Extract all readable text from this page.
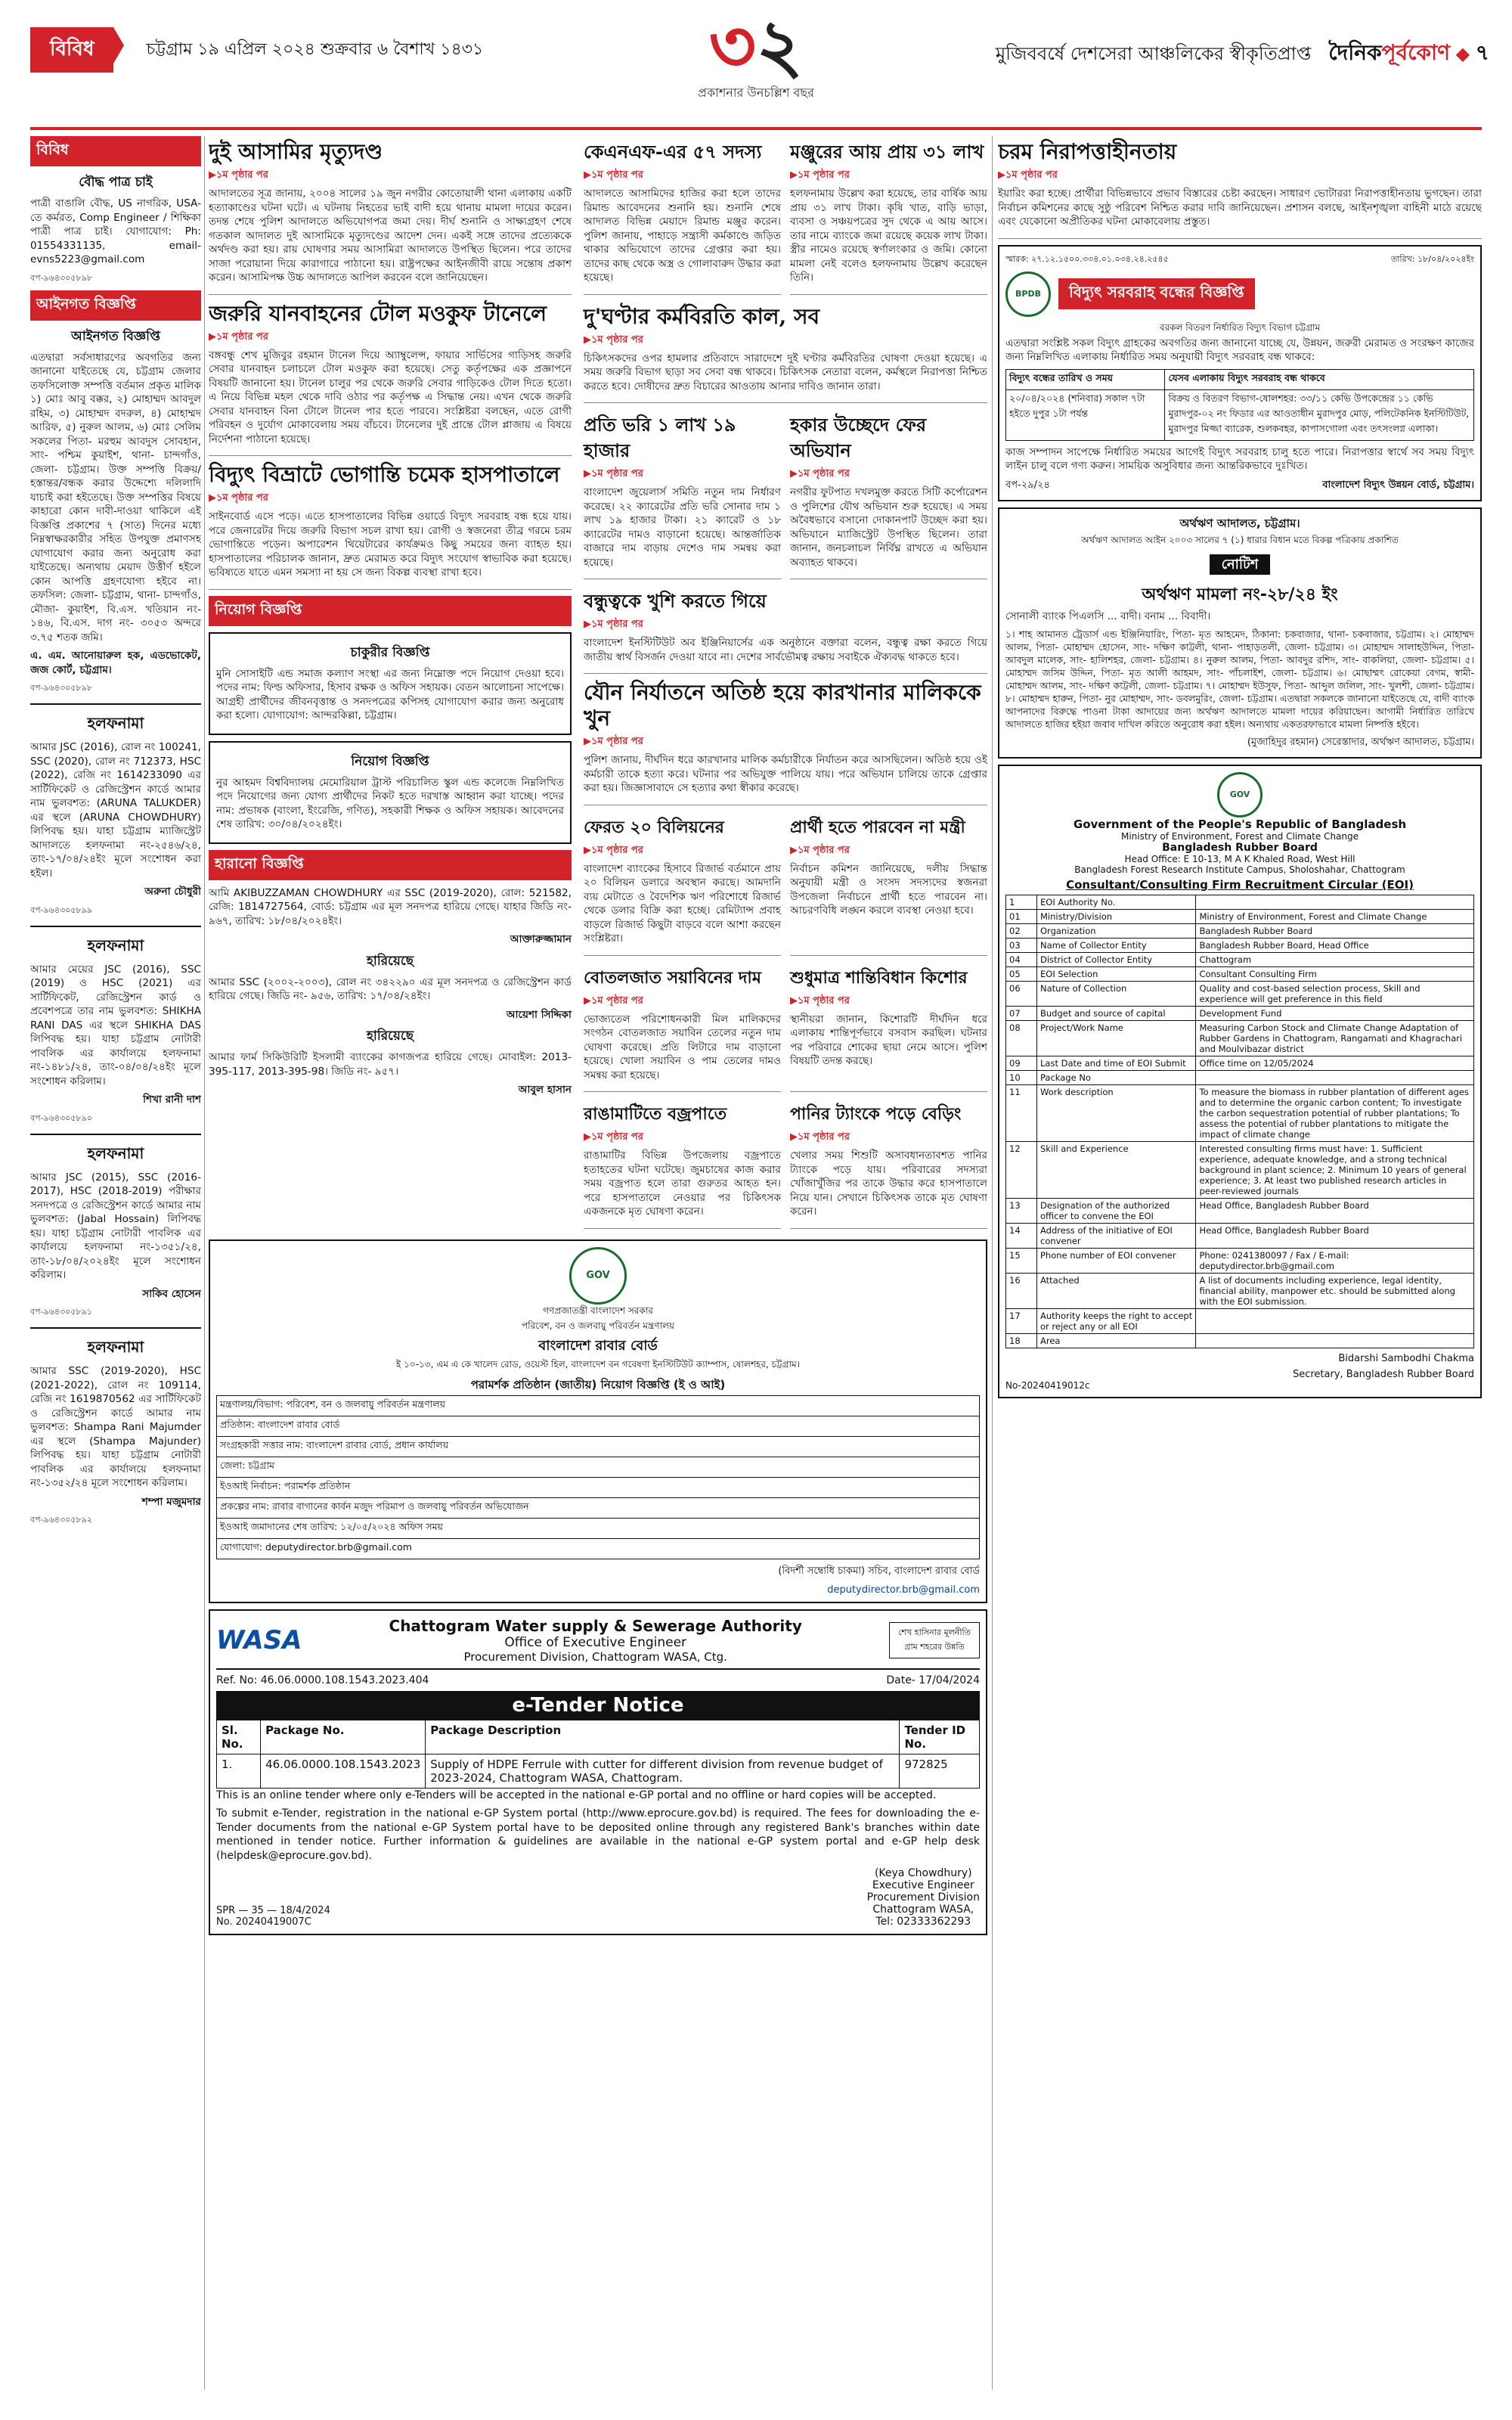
বিবিধ	চট্টগ্রাম ১৯ এপ্রিল ২০২৪ শুক্রবার ৬ বৈশাখ ১৪৩১	৩২
প্রকাশনার উনচল্লিশ বছর
মুজিববর্ষে দেশসেরা আঞ্চলিকের স্বীকৃতিপ্রাপ্ত দৈনিকপূর্বকোণ ◆ ৭
বিবিধ
বৌদ্ধ পাত্র চাই

পাত্রী বাঙালি বৌদ্ধ, US নাগরিক, USA-তে কর্মরত, Comp Engineer / শিক্ষিকা পাত্রী পাত্র চাই। যোগাযোগ: Ph: 01554331135, email-evns5223@gmail.com

বপ-৯৬৪৩০৫৮৯৮
আইনগত বিজ্ঞপ্তি
আইনগত বিজ্ঞপ্তি

এতদ্বারা সর্বসাধারণের অবগতির জন্য জানানো যাইতেছে যে, চট্টগ্রাম জেলার তফসিলোক্ত সম্পত্তি বর্তমান প্রকৃত মালিক ১) মোঃ আবু বক্কর, ২) মোহাম্মদ আবদুল রহিম, ৩) মোহাম্মদ বদরুল, ৪) মোহাম্মদ আরিফ, ৫) নুরুল আলম, ৬) মোঃ সেলিম সকলের পিতা- মরহুম আবদুস সোবহান, সাং- পশ্চিম কুয়াইশ, থানা- চান্দগাঁও, জেলা- চট্টগ্রাম। উক্ত সম্পত্তি বিক্রয়/হস্তান্তর/বন্ধক করার উদ্দেশ্যে দলিলাদি যাচাই করা হইতেছে। উক্ত সম্পত্তির বিষয়ে কাহারো কোন দাবী-দাওয়া থাকিলে এই বিজ্ঞপ্তি প্রকাশের ৭ (সাত) দিনের মধ্যে নিম্নস্বাক্ষরকারীর সহিত উপযুক্ত প্রমাণসহ যোগাযোগ করার জন্য অনুরোধ করা যাইতেছে। অন্যথায় মেয়াদ উত্তীর্ণ হইলে কোন আপত্তি গ্রহণযোগ্য হইবে না। তফসিল: জেলা- চট্টগ্রাম, থানা- চান্দগাঁও, মৌজা- কুয়াইশ, বি.এস. খতিয়ান নং- ১৪৬, বি.এস. দাগ নং- ৩০৫৩ অন্দরে ৩.৭৫ শতক জমি।

এ. এম. আনোয়ারুল হক, এডভোকেট, জজ কোর্ট, চট্টগ্রাম।

বপ-৯৬৪৩০৫৮৯৮
হলফনামা

আমার JSC (2016), রোল নং 100241, SSC (2020), রোল নং 712373, HSC (2022), রেজি নং 1614233090 এর সার্টিফিকেট ও রেজিস্ট্রেশন কার্ডে আমার নাম ভুলবশত: (ARUNA TALUKDER) এর স্থলে (ARUNA CHOWDHURY) লিপিবদ্ধ হয়। যাহা চট্টগ্রাম ম্যাজিস্ট্রেট আদালতে হলফনামা নং-২৫৪৬/২৪, তাং-১৭/০৪/২৪ইং মূলে সংশোধন করা হইল।

অরুনা চৌধুরী

বপ-৯৬৪৩০৫৮৯৯
হলফনামা

আমার মেয়ের JSC (2016), SSC (2019) ও HSC (2021) এর সার্টিফিকেট, রেজিস্ট্রেশন কার্ড ও প্রবেশপত্রে তার নাম ভুলবশত: SHIKHA RANI DAS এর স্থলে SHIKHA DAS লিপিবদ্ধ হয়। যাহা চট্টগ্রাম নোটারী পাবলিক এর কার্যালয়ে হলফনামা নং-১৪৮১/২৪, তাং-০৪/০৪/২৪ইং মূলে সংশোধন করিলাম।

শিখা রানী দাশ

বপ-৯৬৪৩০৫৮৯০
হলফনামা

আমার JSC (2015), SSC (2016-2017), HSC (2018-2019) পরীক্ষার সনদপত্রে ও রেজিস্ট্রেশন কার্ডে আমার নাম ভুলবশত: (Jabal Hossain) লিপিবদ্ধ হয়। যাহা চট্টগ্রাম নোটারী পাবলিক এর কার্যালয়ে হলফনামা নং-১৩৫১/২৪, তাং-১৮/০৪/২০২৪ইং মূলে সংশোধন করিলাম।

সাকিব হোসেন

বপ-৯৬৪৩০৫৮৯১
হলফনামা

আমার SSC (2019-2020), HSC (2021-2022), রোল নং 109114, রেজি নং 1619870562 এর সার্টিফিকেট ও রেজিস্ট্রেশন কার্ডে আমার নাম ভুলবশত: Shampa Rani Majumder এর স্থলে (Shampa Majunder) লিপিবদ্ধ হয়। যাহা চট্টগ্রাম নোটারী পাবলিক এর কার্যালয়ে হলফনামা নং-১৩৫২/২৪ মূলে সংশোধন করিলাম।

শম্পা মজুমদার

বপ-৯৬৪৩০৫৮৯২
দুই আসামির মৃত্যুদণ্ড
▶ ১ম পৃষ্ঠার পর

আদালতের সূত্র জানায়, ২০০৪ সালের ১৯ জুন নগরীর কোতোয়ালী থানা এলাকায় একটি হত্যাকাণ্ডের ঘটনা ঘটে। এ ঘটনায় নিহতের ভাই বাদী হয়ে থানায় মামলা দায়ের করেন। তদন্ত শেষে পুলিশ আদালতে অভিযোগপত্র জমা দেয়। দীর্ঘ শুনানি ও সাক্ষ্যগ্রহণ শেষে গতকাল আদালত দুই আসামিকে মৃত্যুদণ্ডের আদেশ দেন। একই সঙ্গে তাদের প্রত্যেককে অর্থদণ্ড করা হয়। রায় ঘোষণার সময় আসামিরা আদালতে উপস্থিত ছিলেন। পরে তাদের সাজা পরোয়ানা দিয়ে কারাগারে পাঠানো হয়। রাষ্ট্রপক্ষের আইনজীবী রায়ে সন্তোষ প্রকাশ করেন। আসামিপক্ষ উচ্চ আদালতে আপিল করবেন বলে জানিয়েছেন।

জরুরি যানবাহনের টোল মওকুফ টানেলে
▶ ১ম পৃষ্ঠার পর

বঙ্গবন্ধু শেখ মুজিবুর রহমান টানেল দিয়ে অ্যাম্বুলেন্স, ফায়ার সার্ভিসের গাড়িসহ জরুরি সেবার যানবাহন চলাচলে টোল মওকুফ করা হয়েছে। সেতু কর্তৃপক্ষের এক প্রজ্ঞাপনে বিষয়টি জানানো হয়। টানেল চালুর পর থেকে জরুরি সেবার গাড়িকেও টোল দিতে হতো। এ নিয়ে বিভিন্ন মহল থেকে দাবি ওঠার পর কর্তৃপক্ষ এ সিদ্ধান্ত নেয়। এখন থেকে জরুরি সেবার যানবাহন বিনা টোলে টানেল পার হতে পারবে। সংশ্লিষ্টরা বলছেন, এতে রোগী পরিবহন ও দুর্যোগ মোকাবেলায় সময় বাঁচবে। টানেলের দুই প্রান্তে টোল প্লাজায় এ বিষয়ে নির্দেশনা পাঠানো হয়েছে।

বিদ্যুৎ বিভ্রাটে ভোগান্তি চমেক হাসপাতালে
▶ ১ম পৃষ্ঠার পর

সাইনবোর্ড এসে পড়ে। এতে হাসপাতালের বিভিন্ন ওয়ার্ডে বিদ্যুৎ সরবরাহ বন্ধ হয়ে যায়। পরে জেনারেটর দিয়ে জরুরি বিভাগ সচল রাখা হয়। রোগী ও স্বজনেরা তীব্র গরমে চরম ভোগান্তিতে পড়েন। অপারেশন থিয়েটারের কার্যক্রমও কিছু সময়ের জন্য ব্যাহত হয়। হাসপাতালের পরিচালক জানান, দ্রুত মেরামত করে বিদ্যুৎ সংযোগ স্বাভাবিক করা হয়েছে। ভবিষ্যতে যাতে এমন সমস্যা না হয় সে জন্য বিকল্প ব্যবস্থা রাখা হবে।

নিয়োগ বিজ্ঞপ্তি
চাকুরীর বিজ্ঞপ্তি

মুনি সোসাইটি এন্ড সমাজ কল্যাণ সংস্থা এর জন্য নিম্নোক্ত পদে নিয়োগ দেওয়া হবে। পদের নাম: ফিল্ড অফিসার, হিসাব রক্ষক ও অফিস সহায়ক। বেতন আলোচনা সাপেক্ষে। আগ্রহী প্রার্থীদের জীবনবৃত্তান্ত ও সনদপত্রের কপিসহ যোগাযোগ করার জন্য অনুরোধ করা হলো। যোগাযোগ: আন্দরকিল্লা, চট্টগ্রাম।

নিয়োগ বিজ্ঞপ্তি

নুর আহমদ বিশ্ববিদ্যালয় মেমোরিয়াল ট্রাস্ট পরিচালিত স্কুল এন্ড কলেজে নিম্নলিখিত পদে নিয়োগের জন্য যোগ্য প্রার্থীদের নিকট হতে দরখাস্ত আহ্বান করা যাচ্ছে। পদের নাম: প্রভাষক (বাংলা, ইংরেজি, গণিত), সহকারী শিক্ষক ও অফিস সহায়ক। আবেদনের শেষ তারিখ: ৩০/০৪/২০২৪ইং।

হারানো বিজ্ঞপ্তি

আমি AKIBUZZAMAN CHOWDHURY এর SSC (2019-2020), রোল: 521582, রেজি: 1814727564, বোর্ড: চট্টগ্রাম এর মূল সনদপত্র হারিয়ে গেছে। যাহার জিডি নং- ৯৬৭, তারিখ: ১৮/০৪/২০২৪ইং।

আক্তারুজ্জামান

হারিয়েছে

আমার SSC (২০০২-২০০৩), রোল নং ৩৪২২৯০ এর মূল সনদপত্র ও রেজিস্ট্রেশন কার্ড হারিয়ে গেছে। জিডি নং- ৯৫৬, তারিখ: ১৭/০৪/২৪ইং।

আয়েশা সিদ্দিকা

হারিয়েছে

আমার ফার্ম সিকিউরিটি ইসলামী ব্যাংকের কাগজপত্র হারিয়ে গেছে। মোবাইল: 2013-395-117, 2013-395-98। জিডি নং- ৯৫৭।

আবুল হাসান

কেএনএফ-এর ৫৭ সদস্য
▶ ১ম পৃষ্ঠার পর

আদালতে আসামিদের হাজির করা হলে তাদের রিমান্ড আবেদনের শুনানি হয়। শুনানি শেষে আদালত বিভিন্ন মেয়াদে রিমান্ড মঞ্জুর করেন। পুলিশ জানায়, পাহাড়ে সন্ত্রাসী কর্মকাণ্ডে জড়িত থাকার অভিযোগে তাদের গ্রেপ্তার করা হয়। তাদের কাছ থেকে অস্ত্র ও গোলাবারুদ উদ্ধার করা হয়েছে।

মঞ্জুরের আয় প্রায় ৩১ লাখ
▶ ১ম পৃষ্ঠার পর

হলফনামায় উল্লেখ করা হয়েছে, তার বার্ষিক আয় প্রায় ৩১ লাখ টাকা। কৃষি খাত, বাড়ি ভাড়া, ব্যবসা ও সঞ্চয়পত্রের সুদ থেকে এ আয় আসে। তার নামে ব্যাংকে জমা রয়েছে কয়েক লাখ টাকা। স্ত্রীর নামেও রয়েছে স্বর্ণালংকার ও জমি। কোনো মামলা নেই বলেও হলফনামায় উল্লেখ করেছেন তিনি।

দু'ঘণ্টার কর্মবিরতি কাল, সব
▶ ১ম পৃষ্ঠার পর

চিকিৎসকদের ওপর হামলার প্রতিবাদে সারাদেশে দুই ঘণ্টার কর্মবিরতির ঘোষণা দেওয়া হয়েছে। এ সময় জরুরি বিভাগ ছাড়া সব সেবা বন্ধ থাকবে। চিকিৎসক নেতারা বলেন, কর্মস্থলে নিরাপত্তা নিশ্চিত করতে হবে। দোষীদের দ্রুত বিচারের আওতায় আনার দাবিও জানান তারা।

প্রতি ভরি ১ লাখ ১৯ হাজার
▶ ১ম পৃষ্ঠার পর

বাংলাদেশ জুয়েলার্স সমিতি নতুন দাম নির্ধারণ করেছে। ২২ ক্যারেটের প্রতি ভরি সোনার দাম ১ লাখ ১৯ হাজার টাকা। ২১ ক্যারেট ও ১৮ ক্যারেটের দামও বাড়ানো হয়েছে। আন্তর্জাতিক বাজারে দাম বাড়ায় দেশেও দাম সমন্বয় করা হয়েছে।

হকার উচ্ছেদে ফের অভিযান
▶ ১ম পৃষ্ঠার পর

নগরীর ফুটপাত দখলমুক্ত করতে সিটি কর্পোরেশন ও পুলিশের যৌথ অভিযান শুরু হয়েছে। এ সময় অবৈধভাবে বসানো দোকানপাট উচ্ছেদ করা হয়। অভিযানে ম্যাজিস্ট্রেট উপস্থিত ছিলেন। তারা জানান, জনচলাচল নির্বিঘ্ন রাখতে এ অভিযান অব্যাহত থাকবে।

বন্ধুত্বকে খুশি করতে গিয়ে
▶ ১ম পৃষ্ঠার পর

বাংলাদেশ ইনস্টিটিউট অব ইঞ্জিনিয়ার্সের এক অনুষ্ঠানে বক্তারা বলেন, বন্ধুত্ব রক্ষা করতে গিয়ে জাতীয় স্বার্থ বিসর্জন দেওয়া যাবে না। দেশের সার্বভৌমত্ব রক্ষায় সবাইকে ঐক্যবদ্ধ থাকতে হবে।

যৌন নির্যাতনে অতিষ্ঠ হয়ে কারখানার মালিককে খুন
▶ ১ম পৃষ্ঠার পর

পুলিশ জানায়, দীর্ঘদিন ধরে কারখানার মালিক কর্মচারীকে নির্যাতন করে আসছিলেন। অতিষ্ঠ হয়ে ওই কর্মচারী তাকে হত্যা করে। ঘটনার পর অভিযুক্ত পালিয়ে যায়। পরে অভিযান চালিয়ে তাকে গ্রেপ্তার করা হয়। জিজ্ঞাসাবাদে সে হত্যার কথা স্বীকার করেছে।

ফেরত ২০ বিলিয়নের
▶ ১ম পৃষ্ঠার পর

বাংলাদেশ ব্যাংকের হিসাবে রিজার্ভ বর্তমানে প্রায় ২০ বিলিয়ন ডলারে অবস্থান করছে। আমদানি ব্যয় মেটাতে ও বৈদেশিক ঋণ পরিশোধে রিজার্ভ থেকে ডলার বিক্রি করা হচ্ছে। রেমিট্যান্স প্রবাহ বাড়লে রিজার্ভ কিছুটা বাড়বে বলে আশা করছেন সংশ্লিষ্টরা।

প্রার্থী হতে পারবেন না মন্ত্রী
▶ ১ম পৃষ্ঠার পর

নির্বাচন কমিশন জানিয়েছে, দলীয় সিদ্ধান্ত অনুযায়ী মন্ত্রী ও সংসদ সদস্যদের স্বজনরা উপজেলা নির্বাচনে প্রার্থী হতে পারবেন না। আচরণবিধি লঙ্ঘন করলে ব্যবস্থা নেওয়া হবে।

বোতলজাত সয়াবিনের দাম
▶ ১ম পৃষ্ঠার পর

ভোজ্যতেল পরিশোধনকারী মিল মালিকদের সংগঠন বোতলজাত সয়াবিন তেলের নতুন দাম ঘোষণা করেছে। প্রতি লিটারে দাম বাড়ানো হয়েছে। খোলা সয়াবিন ও পাম তেলের দামও সমন্বয় করা হয়েছে।

শুধুমাত্র শান্তিবিধান কিশোর
▶ ১ম পৃষ্ঠার পর

স্থানীয়রা জানান, কিশোরটি দীর্ঘদিন ধরে এলাকায় শান্তিপূর্ণভাবে বসবাস করছিল। ঘটনার পর পরিবারে শোকের ছায়া নেমে আসে। পুলিশ বিষয়টি তদন্ত করছে।

রাঙামাটিতে বজ্রপাতে
▶ ১ম পৃষ্ঠার পর

রাঙামাটির বিভিন্ন উপজেলায় বজ্রপাতে হতাহতের ঘটনা ঘটেছে। জুমচাষের কাজ করার সময় বজ্রপাত হলে তারা গুরুতর আহত হন। পরে হাসপাতালে নেওয়ার পর চিকিৎসক একজনকে মৃত ঘোষণা করেন।

পানির ট্যাংকে পড়ে বেড়িং
▶ ১ম পৃষ্ঠার পর

খেলার সময় শিশুটি অসাবধানতাবশত পানির ট্যাংকে পড়ে যায়। পরিবারের সদস্যরা খোঁজাখুঁজির পর তাকে উদ্ধার করে হাসপাতালে নিয়ে যান। সেখানে চিকিৎসক তাকে মৃত ঘোষণা করেন।

GOV
গণপ্রজাতন্ত্রী বাংলাদেশ সরকার
পরিবেশ, বন ও জলবায়ু পরিবর্তন মন্ত্রণালয়
বাংলাদেশ রাবার বোর্ড
ই ১০-১৩, এম এ কে খালেদ রোড, ওয়েস্ট হিল, বাংলাদেশ বন গবেষণা ইনস্টিটিউট ক্যাম্পাস, ষোলশহর, চট্টগ্রাম।
পরামর্শক প্রতিষ্ঠান (জাতীয়) নিয়োগ বিজ্ঞপ্তি (ই ও আই)
মন্ত্রণালয়/বিভাগ: পরিবেশ, বন ও জলবায়ু পরিবর্তন মন্ত্রণালয়
প্রতিষ্ঠান: বাংলাদেশ রাবার বোর্ড
সংগ্রহকারী সত্তার নাম: বাংলাদেশ রাবার বোর্ড, প্রধান কার্যালয়
জেলা: চট্টগ্রাম
ইওআই নির্বাচন: পরামর্শক প্রতিষ্ঠান
প্রকল্পের নাম: রাবার বাগানের কার্বন মজুদ পরিমাপ ও জলবায়ু পরিবর্তন অভিযোজন
ইওআই জমাদানের শেষ তারিখ: ১২/০৫/২০২৪ অফিস সময়
যোগাযোগ: deputydirector.brb@gmail.com
(বিদর্শী সম্বোধি চাকমা) সচিব, বাংলাদেশ রাবার বোর্ড
deputydirector.brb@gmail.com
WASA	Chattogram Water supply & Sewerage Authority
Office of Executive Engineer
Procurement Division, Chattogram WASA, Ctg.
শেখ হাসিনার মূলনীতি গ্রাম শহরের উন্নতি
Ref. No: 46.06.0000.108.1543.2023.404	Date- 17/04/2024
e-Tender Notice
Sl. No.	Package No.	Package Description	Tender ID No.
1.	46.06.0000.108.1543.2023	Supply of HDPE Ferrule with cutter for different division from revenue budget of 2023-2024, Chattogram WASA, Chattogram.	972825

This is an online tender where only e-Tenders will be accepted in the national e-GP portal and no offline or hard copies will be accepted.

To submit e-Tender, registration in the national e-GP System portal (http://www.eprocure.gov.bd) is required. The fees for downloading the e-Tender documents from the national e-GP System portal have to be deposited online through any registered Bank's branches within date mentioned in tender notice. Further information & guidelines are available in the national e-GP system portal and e-GP help desk (helpdesk@eprocure.gov.bd).

SPR — 35 — 18/4/2024
No. 20240419007C
(Keya Chowdhury)
Executive Engineer
Procurement Division
Chattogram WASA,
Tel: 02333362293
চরম নিরাপত্তাহীনতায়
▶ ১ম পৃষ্ঠার পর

ইয়ারিং করা হচ্ছে। প্রার্থীরা বিভিন্নভাবে প্রভাব বিস্তারের চেষ্টা করছেন। সাধারণ ভোটাররা নিরাপত্তাহীনতায় ভুগছেন। তারা নির্বাচন কমিশনের কাছে সুষ্ঠু পরিবেশ নিশ্চিত করার দাবি জানিয়েছেন। প্রশাসন বলছে, আইনশৃঙ্খলা বাহিনী মাঠে রয়েছে এবং যেকোনো অপ্রীতিকর ঘটনা মোকাবেলায় প্রস্তুত।

স্মারক: ২৭.১২.১৫০০.৩৩৪.০১.০৩৪.২৪.২৫৪৫	তারিখ: ১৮/০৪/২০২৪ইং
BPDB	বিদ্যুৎ সরবরাহ বন্ধের বিজ্ঞপ্তি
বরকল বিতরণ নির্ধারিত বিদ্যুৎ বিভাগ চট্টগ্রাম

এতদ্বারা সংশ্লিষ্ট সকল বিদ্যুৎ গ্রাহকের অবগতির জন্য জানানো যাচ্ছে যে, উন্নয়ন, জরুরী মেরামত ও সংরক্ষণ কাজের জন্য নিম্নলিখিত এলাকায় নির্ধারিত সময় অনুযায়ী বিদ্যুৎ সরবরাহ বন্ধ থাকবে:

বিদ্যুৎ বন্ধের তারিখ ও সময়	যেসব এলাকায় বিদ্যুৎ সরবরাহ বন্ধ থাকবে
২০/০৪/২০২৪ (শনিবার) সকাল ৭টা হইতে দুপুর ১টা পর্যন্ত	বিক্রয় ও বিতরণ বিভাগ-ষোলশহর: ৩৩/১১ কেভি উপকেন্দ্রের ১১ কেভি মুরাদপুর-০২ নং ফিডার এর আওতাধীন মুরাদপুর মোড়, পলিটেকনিক ইনস্টিটিউট, মুরাদপুর মিজ্জা ব্যারেক, শুলকবহর, কাপাসগোলা এবং তৎসংলগ্ন এলাকা।

কাজ সম্পাদন সাপেক্ষে নির্ধারিত সময়ের আগেই বিদ্যুৎ সরবরাহ চালু হতে পারে। নিরাপত্তার স্বার্থে সব সময় বিদ্যুৎ লাইন চালু বলে গণ্য করুন। সাময়িক অসুবিধার জন্য আন্তরিকভাবে দুঃখিত।

বপ-২৯/২৪	বাংলাদেশ বিদ্যুৎ উন্নয়ন বোর্ড, চট্টগ্রাম।
অর্থঋণ আদালত, চট্টগ্রাম।
অর্থঋণ আদালত আইন ২০০৩ সালের ৭ (১) ধারার বিধান মতে বিকল্প পত্রিকায় প্রকাশিত
নোটিশ
অর্থঋণ মামলা নং-২৮/২৪ ইং

সোনালী ব্যাংক পিএলসি ... বাদী। বনাম ... বিবাদী।

১। শাহ আমানত ট্রেডার্স এন্ড ইঞ্জিনিয়ারিং, পিতা- মৃত আহমেদ, ঠিকানা: চকবাজার, থানা- চকবাজার, চট্টগ্রাম। ২। মোহাম্মদ আলম, পিতা- মোহাম্মদ হোসেন, সাং- দক্ষিণ কাট্টলী, থানা- পাহাড়তলী, জেলা- চট্টগ্রাম। ৩। মোহাম্মদ সালাহউদ্দিন, পিতা- আবদুল মালেক, সাং- হালিশহর, জেলা- চট্টগ্রাম। ৪। নুরুল আলম, পিতা- আবদুর রশিদ, সাং- বাকলিয়া, জেলা- চট্টগ্রাম। ৫। মোহাম্মদ জসিম উদ্দিন, পিতা- মৃত আলী আহমদ, সাং- পাঁচলাইশ, জেলা- চট্টগ্রাম। ৬। মোছাম্মৎ রোকেয়া বেগম, স্বামী- মোহাম্মদ আলম, সাং- দক্ষিণ কাট্টলী, জেলা- চট্টগ্রাম। ৭। মোহাম্মদ ইউসুফ, পিতা- আব্দুল জলিল, সাং- খুলশী, জেলা- চট্টগ্রাম। ৮। মোহাম্মদ হারুন, পিতা- নুর মোহাম্মদ, সাং- ডবলমুরিং, জেলা- চট্টগ্রাম। এতদ্বারা সকলকে জানানো যাইতেছে যে, বাদী ব্যাংক আপনাদের বিরুদ্ধে পাওনা টাকা আদায়ের জন্য অর্থঋণ আদালতে মামলা দায়ের করিয়াছেন। আগামী নির্ধারিত তারিখে আদালতে হাজির হইয়া জবাব দাখিল করিতে অনুরোধ করা হইল। অন্যথায় একতরফাভাবে মামলা নিষ্পত্তি হইবে।

(মুজাহিদুর রহমান) সেরেস্তাদার, অর্থঋণ আদালত, চট্টগ্রাম।
GOV
Government of the People's Republic of Bangladesh
Ministry of Environment, Forest and Climate Change
Bangladesh Rubber Board
Head Office: E 10-13, M A K Khaled Road, West Hill
Bangladesh Forest Research Institute Campus, Sholoshahar, Chattogram
Consultant/Consulting Firm Recruitment Circular (EOI)
1	EOI Authority No.	
01	Ministry/Division	Ministry of Environment, Forest and Climate Change
02	Organization	Bangladesh Rubber Board
03	Name of Collector Entity	Bangladesh Rubber Board, Head Office
04	District of Collector Entity	Chattogram
05	EOI Selection	Consultant Consulting Firm
06	Nature of Collection	Quality and cost-based selection process, Skill and experience will get preference in this field
07	Budget and source of capital	Development Fund
08	Project/Work Name	Measuring Carbon Stock and Climate Change Adaptation of Rubber Gardens in Chattogram, Rangamati and Khagrachari and Moulvibazar district
09	Last Date and time of EOI Submit	Office time on 12/05/2024
10	Package No	
11	Work description	To measure the biomass in rubber plantation of different ages and to determine the organic carbon content; To investigate the carbon sequestration potential of rubber plantations; To assess the potential of rubber plantations to mitigate the impact of climate change
12	Skill and Experience	Interested consulting firms must have: 1. Sufficient experience, adequate knowledge, and a strong technical background in plant science; 2. Minimum 10 years of general experience; 3. At least two published research articles in peer-reviewed journals
13	Designation of the authorized officer to convene the EOI	Head Office, Bangladesh Rubber Board
14	Address of the initiative of EOI convener	Head Office, Bangladesh Rubber Board
15	Phone number of EOI convener	Phone: 0241380097 / Fax / E-mail: deputydirector.brb@gmail.com
16	Attached	A list of documents including experience, legal identity, financial ability, manpower etc. should be submitted along with the EOI submission.
17	Authority keeps the right to accept or reject any or all EOI	
18	Area	
Bidarshi Sambodhi Chakma
Secretary, Bangladesh Rubber Board
No-20240419012c
